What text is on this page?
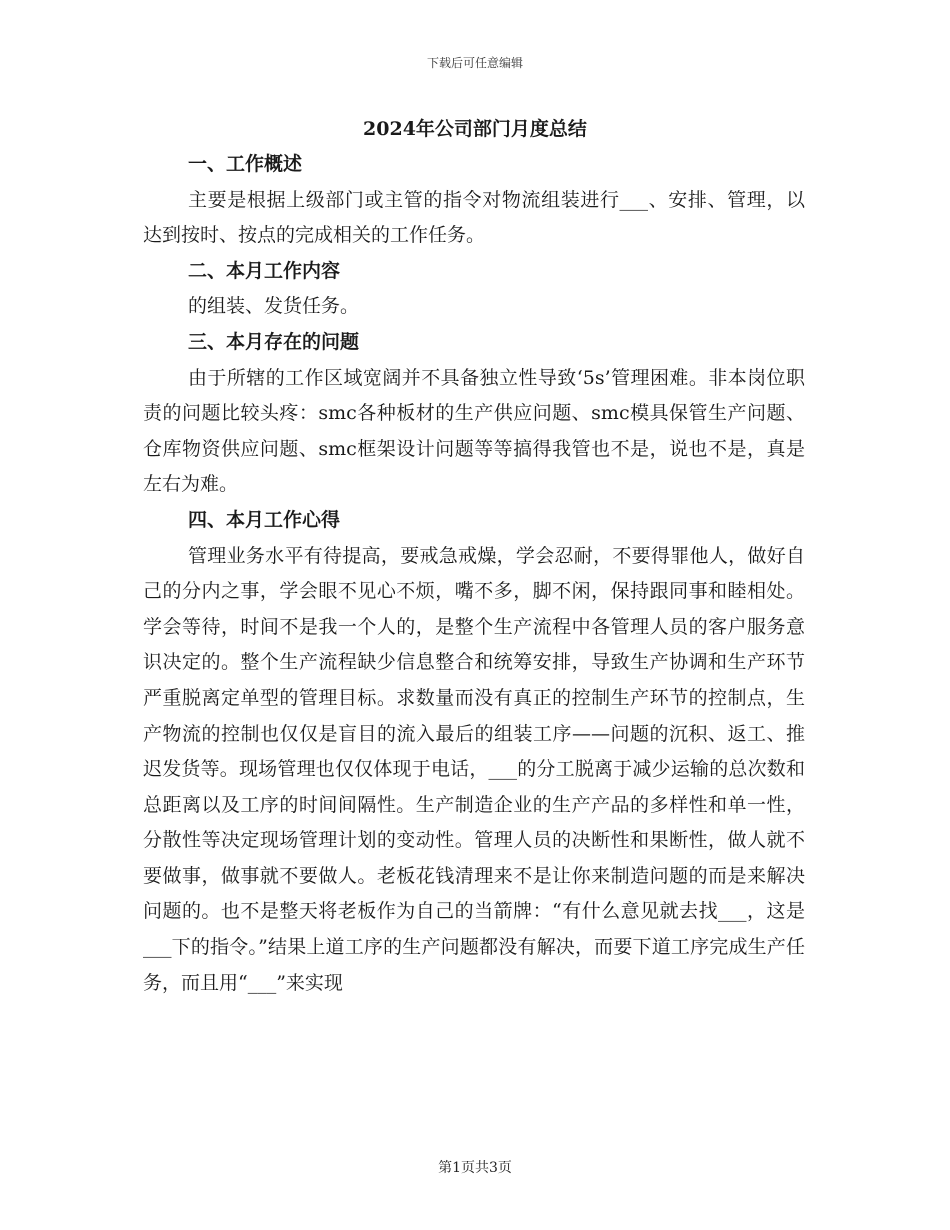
下载后可任意编辑
2024年公司部门月度总结

一、工作概述

主要是根据上级部门或主管的指令对物流组装进行___、安排、管理，以达到按时、按点的完成相关的工作任务。

二、本月工作内容

的组装、发货任务。

三、本月存在的问题

由于所辖的工作区域宽阔并不具备独立性导致‘5s’管理困难。非本岗位职责的问题比较头疼：smc各种板材的生产供应问题、smc模具保管生产问题、仓库物资供应问题、smc框架设计问题等等搞得我管也不是，说也不是，真是左右为难。

四、本月工作心得

管理业务水平有待提高，要戒急戒燥，学会忍耐，不要得罪他人，做好自己的分内之事，学会眼不见心不烦，嘴不多，脚不闲，保持跟同事和睦相处。学会等待，时间不是我一个人的，是整个生产流程中各管理人员的客户服务意识决定的。整个生产流程缺少信息整合和统筹安排，导致生产协调和生产环节严重脱离定单型的管理目标。求数量而没有真正的控制生产环节的控制点，生产物流的控制也仅仅是盲目的流入最后的组装工序——问题的沉积、返工、推迟发货等。现场管理也仅仅体现于电话，___的分工脱离于减少运输的总次数和总距离以及工序的时间间隔性。生产制造企业的生产产品的多样性和单一性，分散性等决定现场管理计划的变动性。管理人员的决断性和果断性，做人就不要做事，做事就不要做人。老板花钱清理来不是让你来制造问题的而是来解决问题的。也不是整天将老板作为自己的当箭牌：“有什么意见就去找___，这是___下的指令。”结果上道工序的生产问题都没有解决，而要下道工序完成生产任务，而且用“___”来实现

第1页共3页
